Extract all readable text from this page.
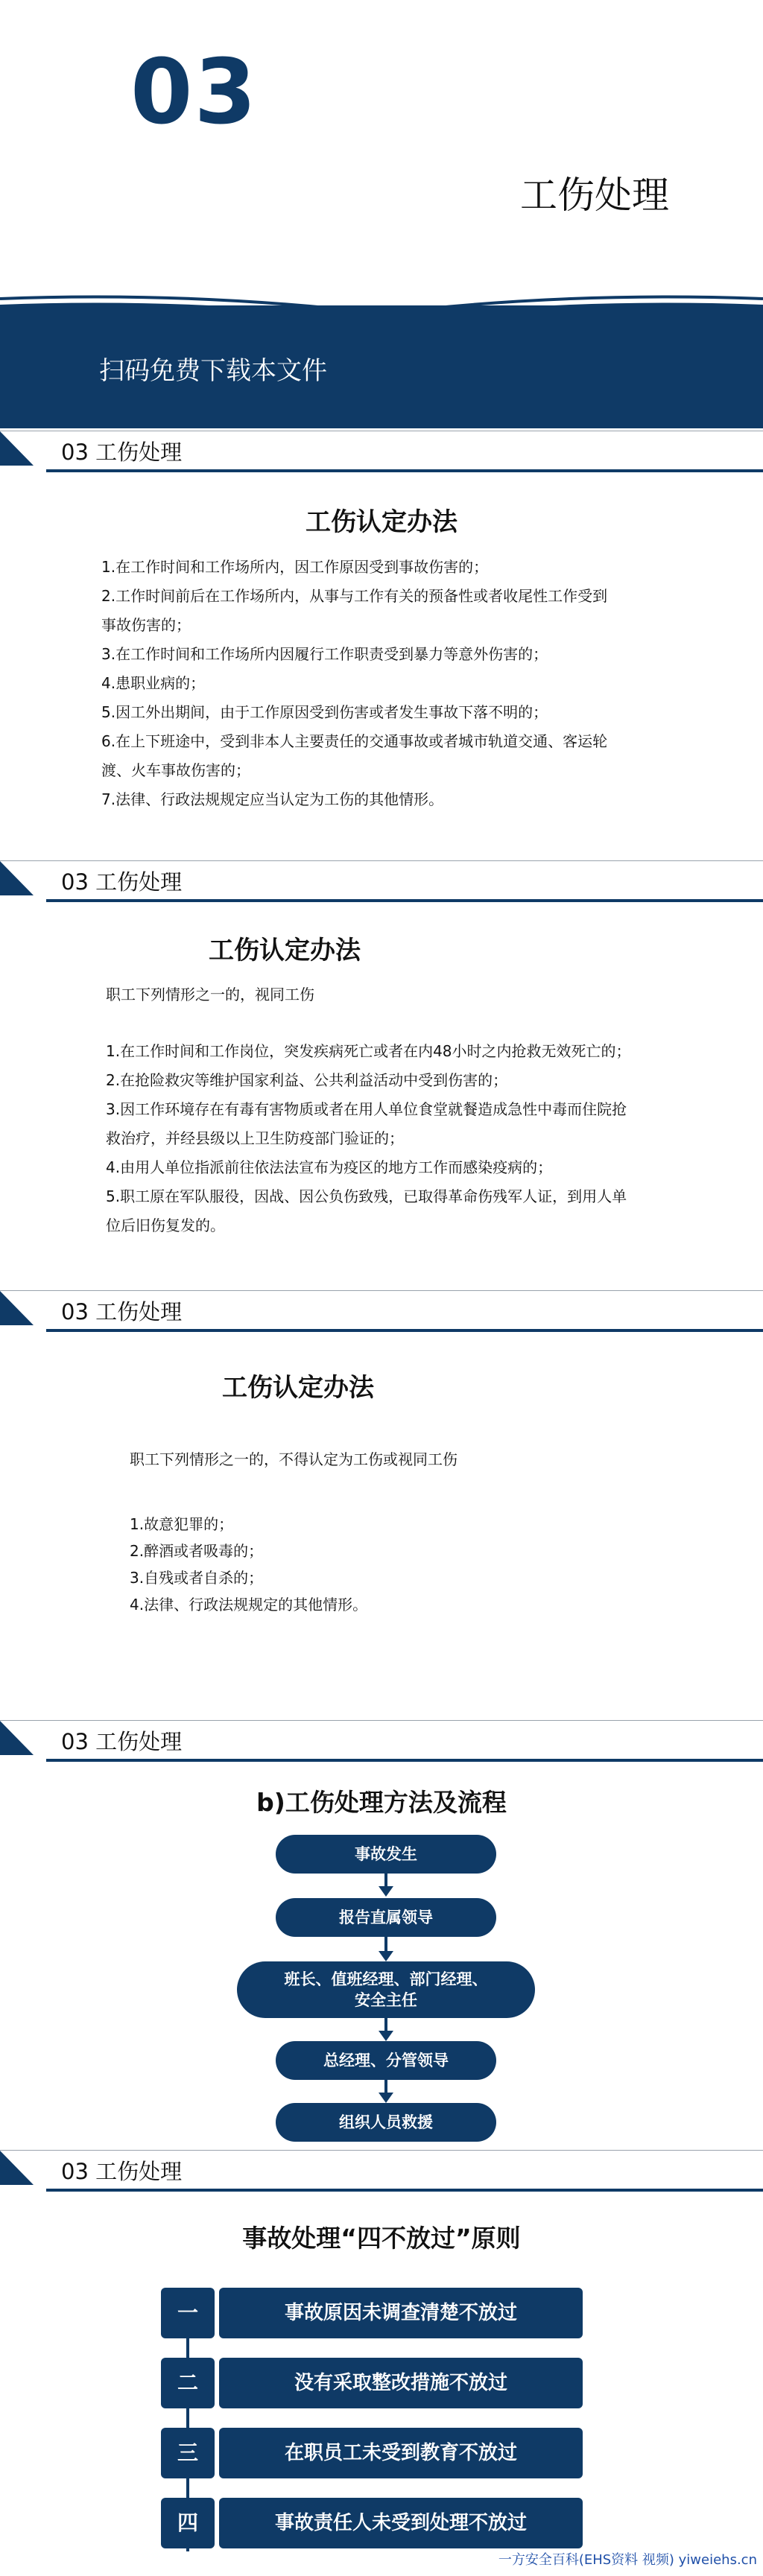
03
工伤处理
扫码免费下载本文件
03 工伤处理
工伤认定办法
1.在工作时间和工作场所内，因工作原因受到事故伤害的；
2.工作时间前后在工作场所内，从事与工作有关的预备性或者收尾性工作受到
事故伤害的；
3.在工作时间和工作场所内因履行工作职责受到暴力等意外伤害的；
4.患职业病的；
5.因工外出期间，由于工作原因受到伤害或者发生事故下落不明的；
6.在上下班途中，受到非本人主要责任的交通事故或者城市轨道交通、客运轮
渡、火车事故伤害的；
7.法律、行政法规规定应当认定为工伤的其他情形。
03 工伤处理
工伤认定办法
职工下列情形之一的，视同工伤
1.在工作时间和工作岗位，突发疾病死亡或者在内48小时之内抢救无效死亡的；
2.在抢险救灾等维护国家利益、公共利益活动中受到伤害的；
3.因工作环境存在有毒有害物质或者在用人单位食堂就餐造成急性中毒而住院抢
救治疗，并经县级以上卫生防疫部门验证的；
4.由用人单位指派前往依法法宣布为疫区的地方工作而感染疫病的；
5.职工原在军队服役，因战、因公负伤致残，已取得革命伤残军人证，到用人单
位后旧伤复发的。
03 工伤处理
工伤认定办法
职工下列情形之一的，不得认定为工伤或视同工伤
1.故意犯罪的；
2.醉酒或者吸毒的；
3.自残或者自杀的；
4.法律、行政法规规定的其他情形。
03 工伤处理
b)工伤处理方法及流程
事故发生
报告直属领导
班长、值班经理、部门经理、
安全主任
总经理、分管领导
组织人员救援
03 工伤处理
事故处理“四不放过”原则
一	事故原因未调查清楚不放过
二	没有采取整改措施不放过
三	在职员工未受到教育不放过
四	事故责任人未受到处理不放过
一方安全百科(EHS资料 视频) yiweiehs.cn
